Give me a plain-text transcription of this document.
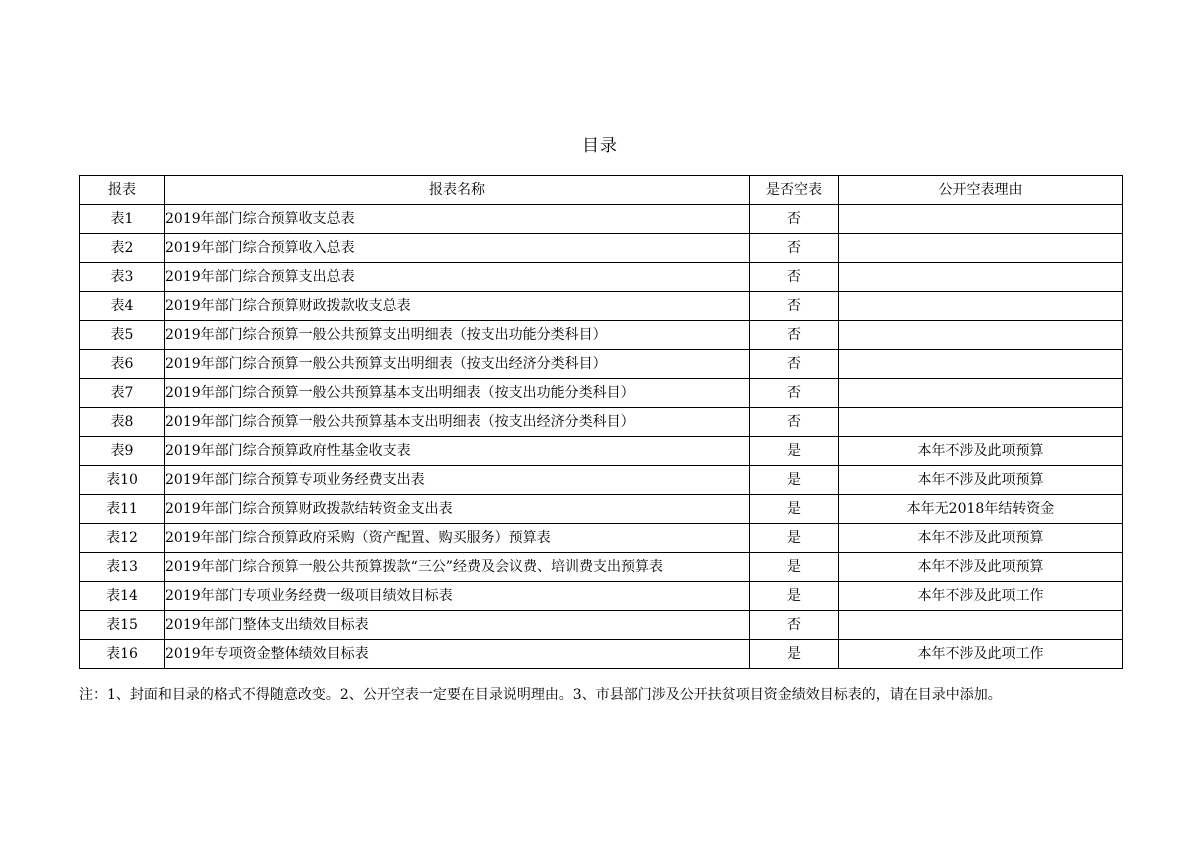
目录
报表	报表名称	是否空表	公开空表理由
表1	2019年部门综合预算收支总表	否	
表2	2019年部门综合预算收入总表	否	
表3	2019年部门综合预算支出总表	否	
表4	2019年部门综合预算财政拨款收支总表	否	
表5	2019年部门综合预算一般公共预算支出明细表（按支出功能分类科目）	否	
表6	2019年部门综合预算一般公共预算支出明细表（按支出经济分类科目）	否	
表7	2019年部门综合预算一般公共预算基本支出明细表（按支出功能分类科目）	否	
表8	2019年部门综合预算一般公共预算基本支出明细表（按支出经济分类科目）	否	
表9	2019年部门综合预算政府性基金收支表	是	本年不涉及此项预算
表10	2019年部门综合预算专项业务经费支出表	是	本年不涉及此项预算
表11	2019年部门综合预算财政拨款结转资金支出表	是	本年无2018年结转资金
表12	2019年部门综合预算政府采购（资产配置、购买服务）预算表	是	本年不涉及此项预算
表13	2019年部门综合预算一般公共预算拨款“三公”经费及会议费、培训费支出预算表	是	本年不涉及此项预算
表14	2019年部门专项业务经费一级项目绩效目标表	是	本年不涉及此项工作
表15	2019年部门整体支出绩效目标表	否	
表16	2019年专项资金整体绩效目标表	是	本年不涉及此项工作
注：1、封面和目录的格式不得随意改变。2、公开空表一定要在目录说明理由。3、市县部门涉及公开扶贫项目资金绩效目标表的，请在目录中添加。
